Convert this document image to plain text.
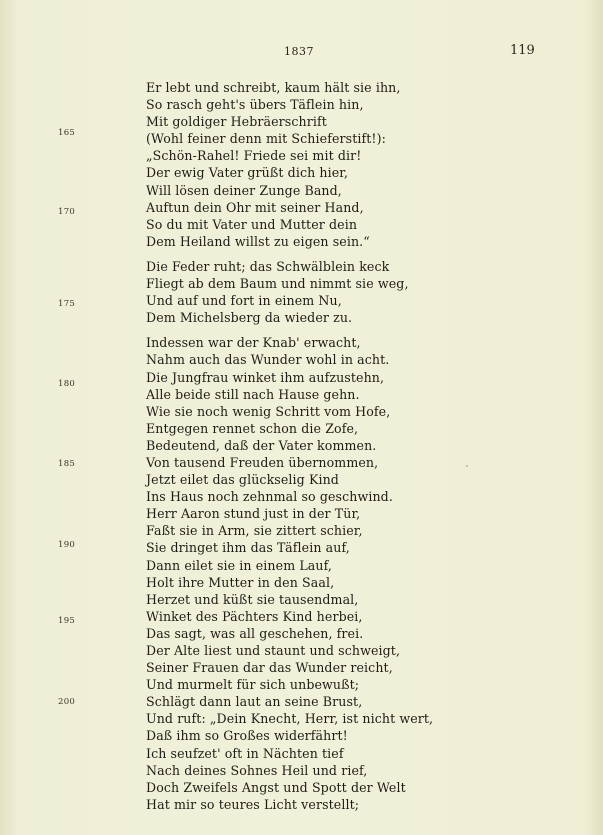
1837	119
Er lebt und schreibt, kaum hält sie ihn,
So rasch geht's übers Täflein hin,
Mit goldiger Hebräerschrift
(Wohl feiner denn mit Schieferstift!):
„Schön-Rahel! Friede sei mit dir!
Der ewig Vater grüßt dich hier,
Will lösen deiner Zunge Band,
Auftun dein Ohr mit seiner Hand,
So du mit Vater und Mutter dein
Dem Heiland willst zu eigen sein.“
Die Feder ruht; das Schwälblein keck
Fliegt ab dem Baum und nimmt sie weg,
Und auf und fort in einem Nu,
Dem Michelsberg da wieder zu.
Indessen war der Knab' erwacht,
Nahm auch das Wunder wohl in acht.
Die Jungfrau winket ihm aufzustehn,
Alle beide still nach Hause gehn.
Wie sie noch wenig Schritt vom Hofe,
Entgegen rennet schon die Zofe,
Bedeutend, daß der Vater kommen.
Von tausend Freuden übernommen,
Jetzt eilet das glückselig Kind
Ins Haus noch zehnmal so geschwind.
Herr Aaron stund just in der Tür,
Faßt sie in Arm, sie zittert schier,
Sie dringet ihm das Täflein auf,
Dann eilet sie in einem Lauf,
Holt ihre Mutter in den Saal,
Herzet und küßt sie tausendmal,
Winket des Pächters Kind herbei,
Das sagt, was all geschehen, frei.
Der Alte liest und staunt und schweigt,
Seiner Frauen dar das Wunder reicht,
Und murmelt für sich unbewußt;
Schlägt dann laut an seine Brust,
Und ruft: „Dein Knecht, Herr, ist nicht wert,
Daß ihm so Großes widerfährt!
Ich seufzet' oft in Nächten tief
Nach deines Sohnes Heil und rief,
Doch Zweifels Angst und Spott der Welt
Hat mir so teures Licht verstellt;
165
170
175
180
185
190
195
200
